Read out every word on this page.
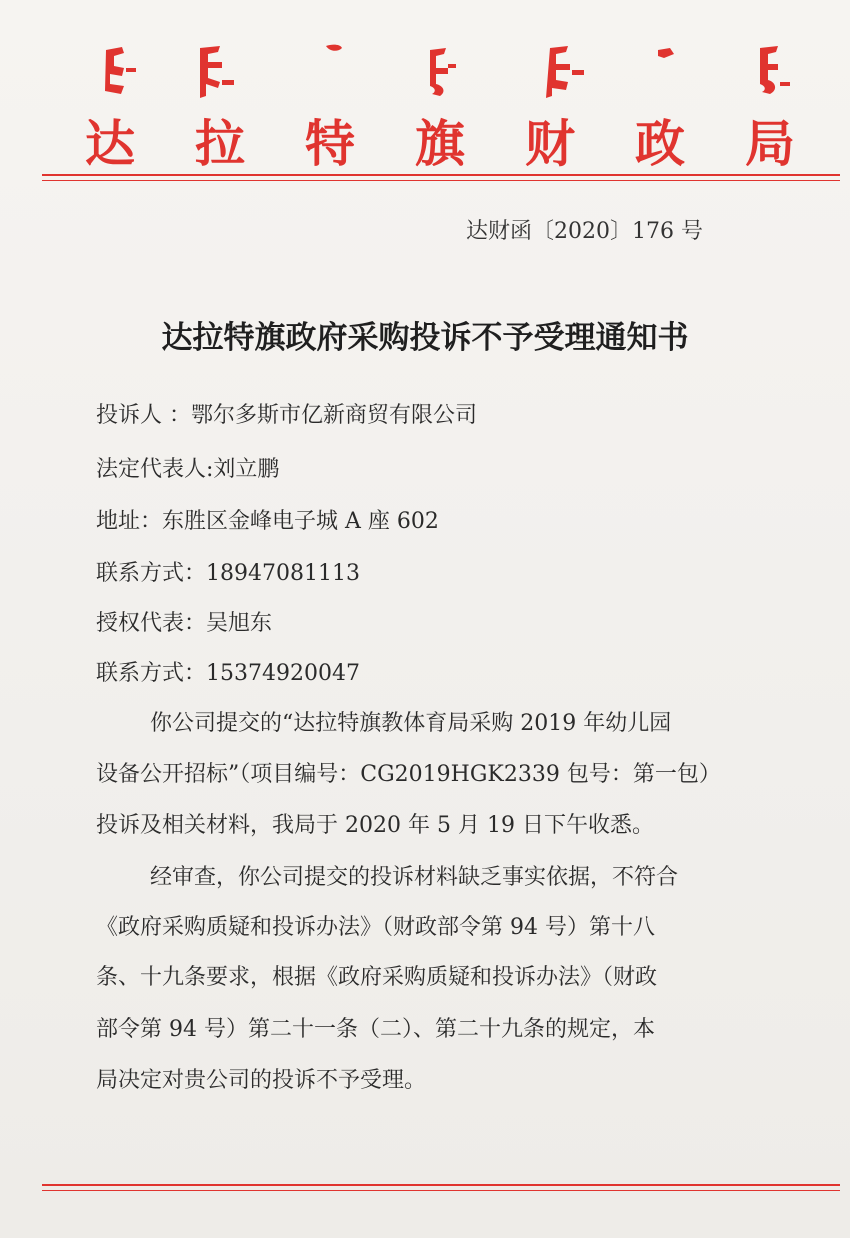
达 拉 特 旗 财 政 局
达财函〔2020〕176 号
达拉特旗政府采购投诉不予受理通知书
投诉人 ：鄂尔多斯市亿新商贸有限公司
法定代表人:刘立鹏
地址：东胜区金峰电子城 A 座 602
联系方式：18947081113
授权代表：吴旭东
联系方式：15374920047
你公司提交的“达拉特旗教体育局采购 2019 年幼儿园
设备公开招标”（项目编号：CG2019HGK2339 包号：第一包）
投诉及相关材料，我局于 2020 年 5 月 19 日下午收悉。
经审查，你公司提交的投诉材料缺乏事实依据，不符合
《政府采购质疑和投诉办法》（财政部令第 94 号）第十八
条、十九条要求，根据《政府采购质疑和投诉办法》（财政
部令第 94 号）第二十一条（二）、第二十九条的规定，本
局决定对贵公司的投诉不予受理。
